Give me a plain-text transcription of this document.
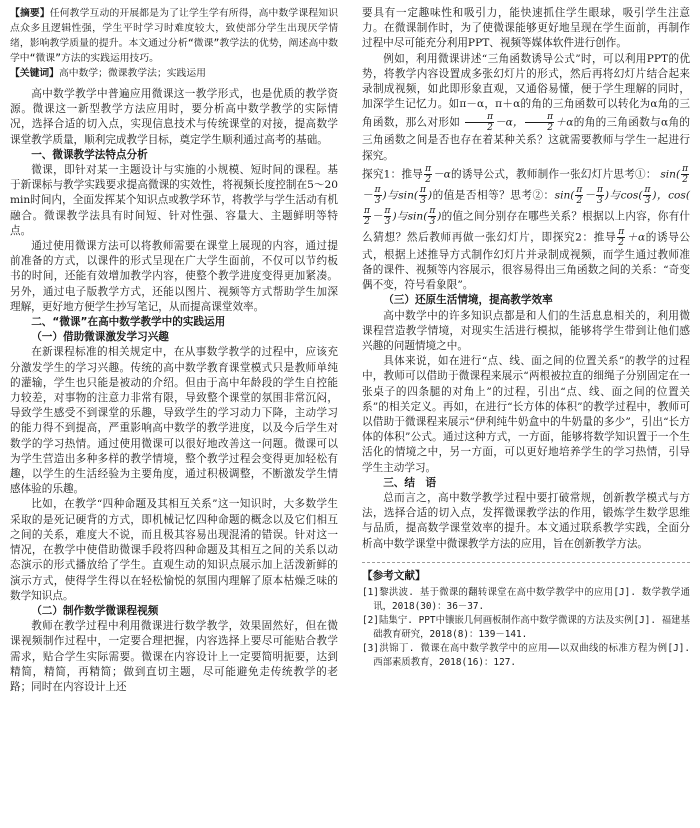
【摘要】任何教学互动的开展都是为了让学生学有所得，高中数学课程知识点众多且逻辑性强，学生平时学习时难度较大，致使部分学生出现厌学情绪，影响教学质量的提升。本文通过分析“微课”教学法的优势，阐述高中数学中“微课”方法的实践运用技巧。

【关键词】高中数学；微课教学法；实践运用

高中数学教学中普遍应用微课这一教学形式，也是优质的教学资源。微课这一新型教学方法应用时，要分析高中数学教学的实际情况，选择合适的切入点，实现信息技术与传统课堂的对接，提高数学课堂教学质量，顺利完成教学目标，奠定学生顺利通过高考的基础。

一、微课教学法特点分析

微课，即针对某一主题设计与实施的小规模、短时间的课程。基于新课标与教学实践要求提高微课的实效性，将视频长度控制在5～20 min时间内，全面发挥某个知识点或教学环节，将教学与学生活动有机融合。微课教学法具有时间短、针对性强、容量大、主题鲜明等特点。

通过使用微课方法可以将教师需要在课堂上展现的内容，通过提前准备的方式，以课件的形式呈现在广大学生面前，不仅可以节约板书的时间，还能有效增加教学内容，使整个教学进度变得更加紧凑。另外，通过电子版教学方式，还能以图片、视频等方式帮助学生加深理解，更好地方便学生抄写笔记，从而提高课堂效率。

二、“微课”在高中数学教学中的实践运用

（一）借助微课激发学习兴趣

在新课程标准的相关规定中，在从事数学教学的过程中，应该充分激发学生的学习兴趣。传统的高中数学教育课堂模式只是教师单纯的灌输，学生也只能是被动的介绍。但由于高中年龄段的学生自控能力较差，对事物的注意力非常有限，导致整个课堂的氛围非常沉闷，导致学生感受不到课堂的乐趣，导致学生的学习动力下降，主动学习的能力得不到提高，严重影响高中数学的教学进度，以及今后学生对数学的学习热情。通过使用微课可以很好地改善这一问题。微课可以为学生营造出多种多样的教学情境，整个教学过程会变得更加轻松有趣，以学生的生活经验为主要角度，通过积极调整，不断激发学生情感体验的乐趣。

比如，在教学“四种命题及其相互关系”这一知识时，大多数学生采取的是死记硬背的方式，即机械记忆四种命题的概念以及它们相互之间的关系，难度大不说，而且极其容易出现混淆的错误。针对这一情况，在教学中使借助微课手段将四种命题及其相互之间的关系以动态演示的形式播放给了学生。直观生动的知识点展示加上活泼新鲜的演示方式，使得学生得以在轻松愉悦的氛围内理解了原本枯燥乏味的数学知识点。

（二）制作数学微课程视频

教师在教学过程中利用微课进行数学教学，效果固然好，但在微课视频制作过程中，一定要合理把握，内容选择上要尽可能贴合教学需求，贴合学生实际需要。微课在内容设计上一定要简明扼要，达到精简，精简，再精简；做到直切主题，尽可能避免走传统教学的老路；同时在内容设计上还

要具有一定趣味性和吸引力，能快速抓住学生眼球，吸引学生注意力。在微课制作时，为了使微课能够更好地呈现在学生面前，再制作过程中尽可能充分利用PPT、视频等媒体软件进行创作。

例如，利用微课讲述“三角函数诱导公式”时，可以利用PPT的优势，将教学内容设置成多张幻灯片的形式，然后再将幻灯片结合起来录制成视频，如此即形象直观，又通俗易懂，便于学生理解的同时，加深学生记忆力。如π－α，π＋α的角的三角函数可以转化为α角的三角函数，那么对形如 $\frac{\pi}{2} -\alpha$， $\frac{\pi}{2} +\alpha$的角的三角函数与α角的三角函数之间是否也存在着某种关系？这就需要教师与学生一起进行探究。

探究1：推导 $\frac{\pi}{2} -\alpha$的诱导公式，教师制作一张幻灯片思考①： $\sin( \frac{\pi}{2}$
－ $\frac{\pi}{3}$ )与$\sin( \frac{\pi}{3}$ )的值是否相等？思考②：$\sin( \frac{\pi}{2} - \frac{\pi}{3}$ )与$\cos( \frac{\pi}{3}$ )，cos(
$\frac{\pi}{2} - \frac{\pi}{3}$ )与$\sin( \frac{\pi}{3}$ )的值之间分别存在哪些关系？根据以上内容，你有什么猜想？然后教师再做一张幻灯片，即探究2：推导 $\frac{\pi}{2} +\alpha$的诱导公式，根据上述推导方式制作幻灯片并录制成视频，而学生通过教师准备的课件、视频等内容展示，很容易得出三角函数之间的关系：“奇变偶不变，符号看象限”。

（三）还原生活情境，提高教学效率

高中数学中的许多知识点都是和人们的生活息息相关的，利用微课程营造教学情境，对现实生活进行模拟，能够将学生带到让他们感兴趣的问题情境之中。

具体来说，如在进行“点、线、面之间的位置关系”的教学的过程中，教师可以借助于微课程来展示“两根被拉直的细绳子分别固定在一张桌子的四条腿的对角上”的过程，引出“点、线、面之间的位置关系”的相关定义。再如，在进行“长方体的体积”的教学过程中，教师可以借助于微课程来展示“伊利纯牛奶盒中的牛奶量的多少”，引出“长方体的体积”公式。通过这种方式，一方面，能够将数学知识置于一个生活化的情境之中，另一方面，可以更好地培养学生的学习热情，引导学生主动学习。

三、结　语

总而言之，高中数学教学过程中要打破常规，创新教学模式与方法，选择合适的切入点，发挥微课教学法的作用，锻炼学生数学思维与品质，提高数学课堂效率的提升。本文通过联系教学实践，全面分析高中数学课堂中微课教学方法的应用，旨在创新教学方法。

【参考文献】

[1]黎洪波. 基于微课的翻转课堂在高中数学教学中的应用[J]. 数学教学通讯，2018(30)：36－37.

[2]陆集宁. PPT中镶嵌几何画板制作高中数学微课的方法及实例[J]. 福建基础教育研究，2018(8)：139－141.

[3]洪锦丁. 微课在高中数学教学中的应用——以双曲线的标准方程为例[J]. 西部素质教育，2018(16)：127.
